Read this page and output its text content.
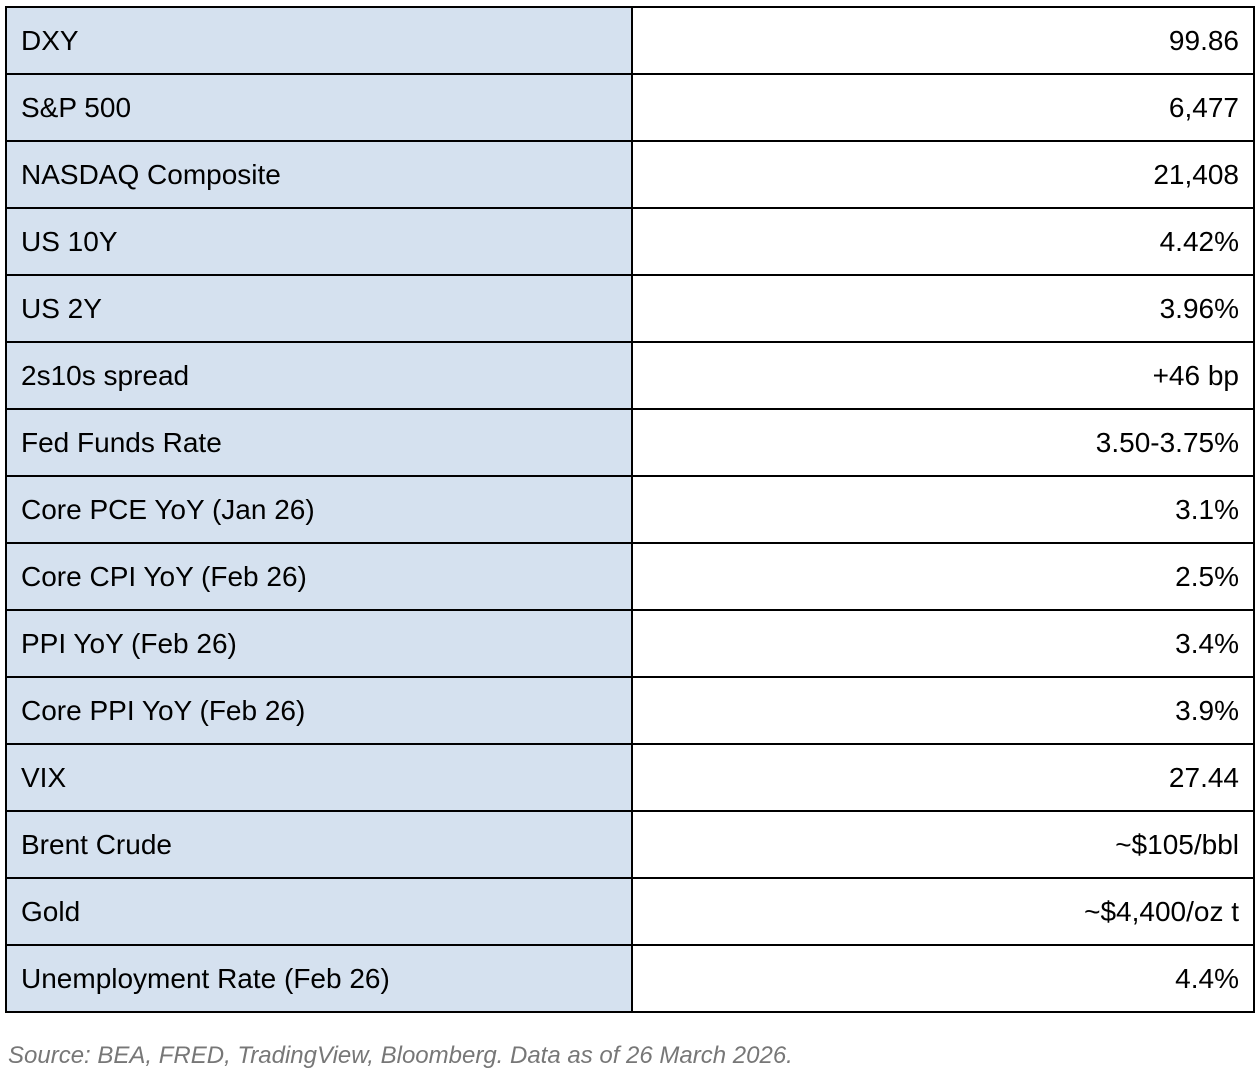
DXY	99.86
S&P 500	6,477
NASDAQ Composite	21,408
US 10Y	4.42%
US 2Y	3.96%
2s10s spread	+46 bp
Fed Funds Rate	3.50-3.75%
Core PCE YoY (Jan 26)	3.1%
Core CPI YoY (Feb 26)	2.5%
PPI YoY (Feb 26)	3.4%
Core PPI YoY (Feb 26)	3.9%
VIX	27.44
Brent Crude	~$105/bbl
Gold	~$4,400/oz t
Unemployment Rate (Feb 26)	4.4%
Source: BEA, FRED, TradingView, Bloomberg. Data as of 26 March 2026.
